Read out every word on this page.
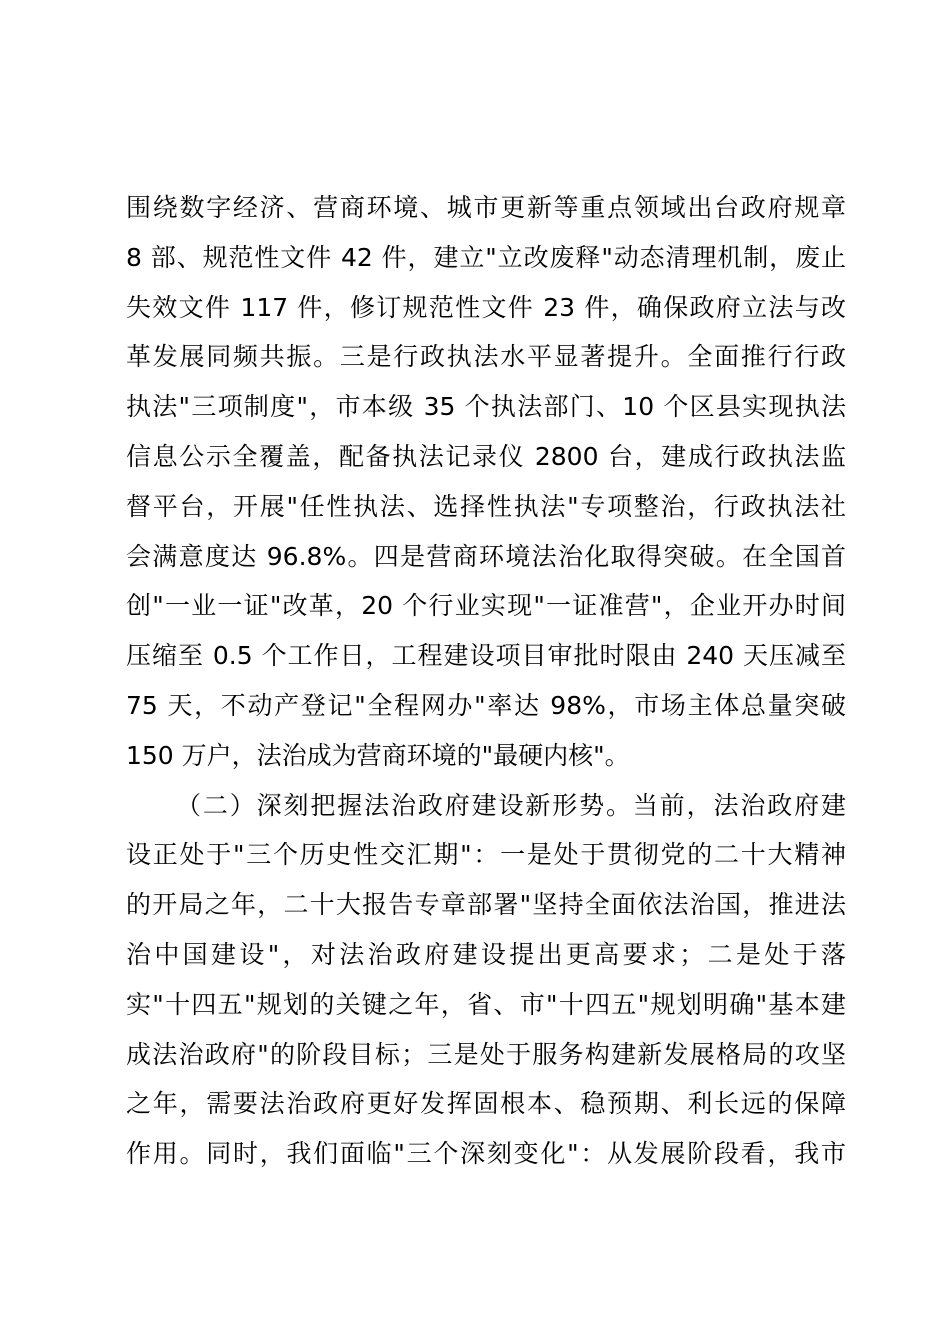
围绕数字经济、营商环境、城市更新等重点领域出台政府规章
8 部、规范性文件 42 件，建立"立改废释"动态清理机制，废止
失效文件 117 件，修订规范性文件 23 件，确保政府立法与改
革发展同频共振。三是行政执法水平显著提升。全面推行行政
执法"三项制度"，市本级 35 个执法部门、10 个区县实现执法
信息公示全覆盖，配备执法记录仪 2800 台，建成行政执法监
督平台，开展"任性执法、选择性执法"专项整治，行政执法社
会满意度达 96.8%。四是营商环境法治化取得突破。在全国首
创"一业一证"改革，20 个行业实现"一证准营"，企业开办时间
压缩至 0.5 个工作日，工程建设项目审批时限由 240 天压减至
75 天，不动产登记"全程网办"率达 98%，市场主体总量突破
150 万户，法治成为营商环境的"最硬内核"。
（二）深刻把握法治政府建设新形势。当前，法治政府建
设正处于"三个历史性交汇期"：一是处于贯彻党的二十大精神
的开局之年，二十大报告专章部署"坚持全面依法治国，推进法
治中国建设"，对法治政府建设提出更高要求；二是处于落
实"十四五"规划的关键之年，省、市"十四五"规划明确"基本建
成法治政府"的阶段目标；三是处于服务构建新发展格局的攻坚
之年，需要法治政府更好发挥固根本、稳预期、利长远的保障
作用。同时，我们面临"三个深刻变化"：从发展阶段看，我市
